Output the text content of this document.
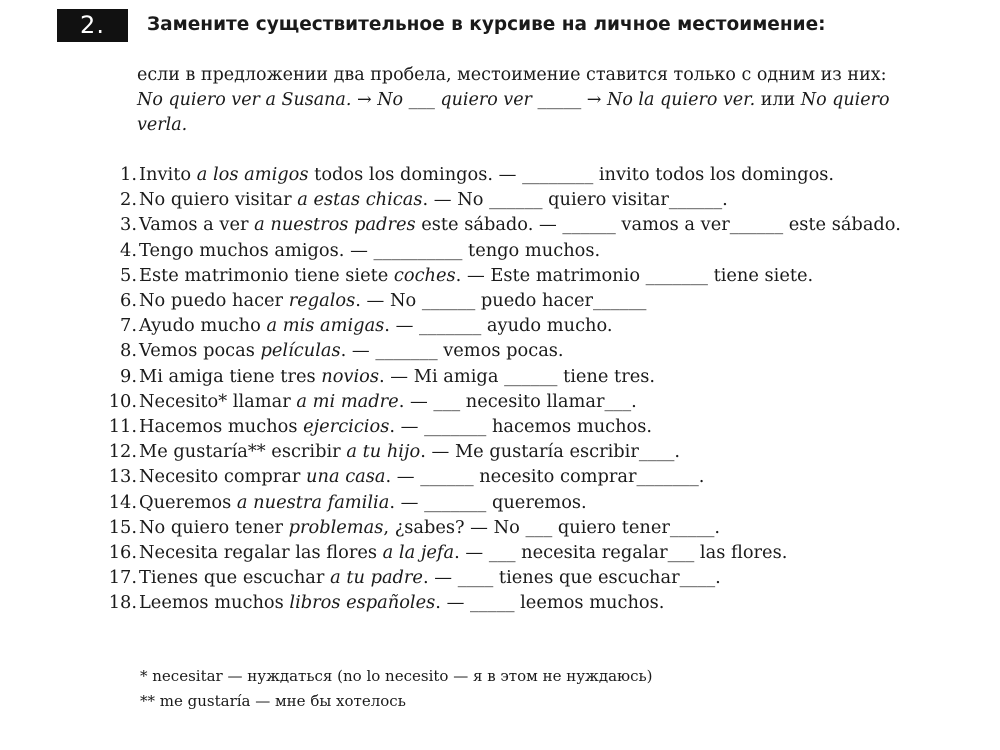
2.	Замените существительное в курсиве на личное местоимение:
если в предложении два пробела, местоимение ставится только с одним из них:
No quiero ver a Susana. → No ___ quiero ver _____ → No la quiero ver. или No quiero verla.
1. Invito a los amigos todos los domingos. — ________ invito todos los domingos.
2. No quiero visitar a estas chicas. — No ______ quiero visitar______.
3. Vamos a ver a nuestros padres este sábado. — ______ vamos a ver______ este sábado.
4. Tengo muchos amigos. — __________ tengo muchos.
5. Este matrimonio tiene siete coches. — Este matrimonio _______ tiene siete.
6. No puedo hacer regalos. — No ______ puedo hacer______
7. Ayudo mucho a mis amigas. — _______ ayudo mucho.
8. Vemos pocas películas. — _______ vemos pocas.
9. Mi amiga tiene tres novios. — Mi amiga ______ tiene tres.
10. Necesito* llamar a mi madre. — ___ necesito llamar___.
11. Hacemos muchos ejercicios. — _______ hacemos muchos.
12. Me gustaría** escribir a tu hijo. — Me gustaría escribir____.
13. Necesito comprar una casa. — ______ necesito comprar_______.
14. Queremos a nuestra familia. — _______ queremos.
15. No quiero tener problemas, ¿sabes? — No ___ quiero tener_____.
16. Necesita regalar las flores a la jefa. — ___ necesita regalar___ las flores.
17. Tienes que escuchar a tu padre. — ____ tienes que escuchar____.
18. Leemos muchos libros españoles. — _____ leemos muchos.
* necesitar — нуждаться (no lo necesito — я в этом не нуждаюсь)
** me gustaría — мне бы хотелось
